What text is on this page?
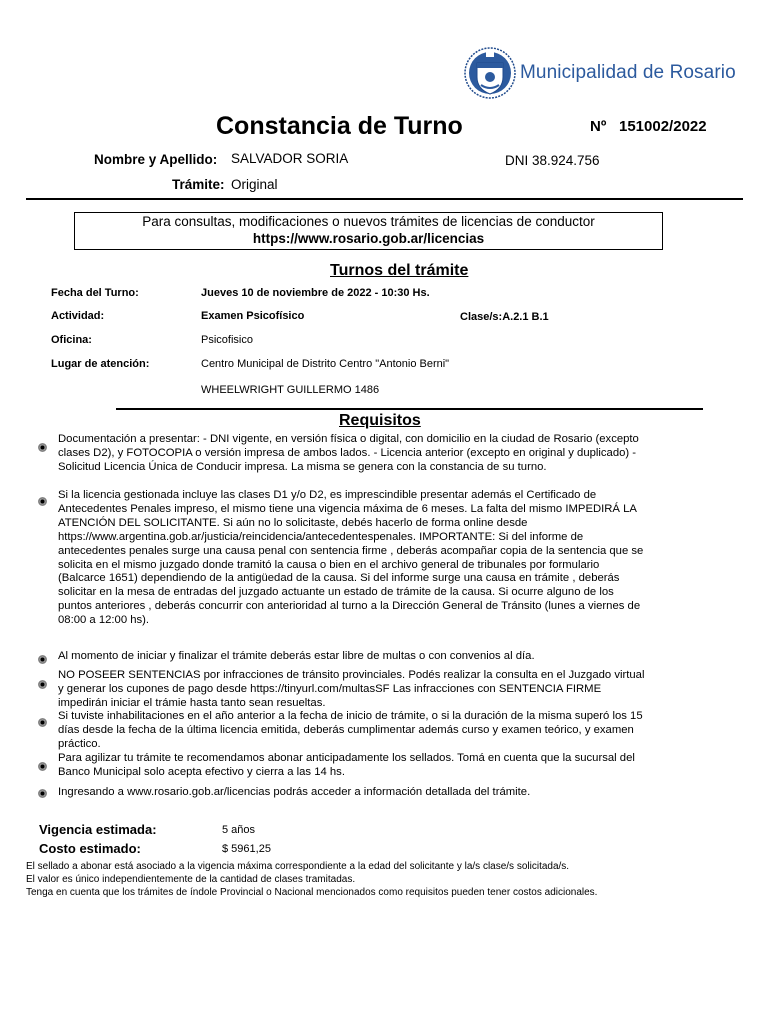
Municipalidad de Rosario
Constancia de Turno	Nº 151002/2022
Nombre y Apellido: SALVADOR SORIA	DNI 38.924.756
Trámite: Original
Para consultas, modificaciones o nuevos trámites de licencias de conductor
https://www.rosario.gob.ar/licencias
Turnos del trámite
Fecha del Turno:	Jueves 10 de noviembre de 2022 - 10:30 Hs.
Actividad:	Examen Psicofísico	Clase/s:A.2.1 B.1
Oficina:	Psicofisico
Lugar de atención:	Centro Municipal de Distrito Centro "Antonio Berni"
WHEELWRIGHT GUILLERMO 1486
Requisitos
Documentación a presentar: - DNI vigente, en versión física o digital, con domicilio en la ciudad de Rosario (excepto clases D2), y FOTOCOPIA o versión impresa de ambos lados. - Licencia anterior (excepto en original y duplicado) - Solicitud Licencia Única de Conducir impresa. La misma se genera con la constancia de su turno.
Si la licencia gestionada incluye las clases D1 y/o D2, es imprescindible presentar además el Certificado de Antecedentes Penales impreso, el mismo tiene una vigencia máxima de 6 meses. La falta del mismo IMPEDIRÁ LA ATENCIÓN DEL SOLICITANTE. Si aún no lo solicitaste, debés hacerlo de forma online desde https://www.argentina.gob.ar/justicia/reincidencia/antecedentespenales. IMPORTANTE: Si del informe de antecedentes penales surge una causa penal con sentencia firme , deberás acompañar copia de la sentencia que se solicita en el mismo juzgado donde tramitó la causa o bien en el archivo general de tribunales por formulario (Balcarce 1651) dependiendo de la antigüedad de la causa. Si del informe surge una causa en trámite , deberás solicitar en la mesa de entradas del juzgado actuante un estado de trámite de la causa. Si ocurre alguno de los puntos anteriores , deberás concurrir con anterioridad al turno a la Dirección General de Tránsito (lunes a viernes de 08:00 a 12:00 hs).
Al momento de iniciar y finalizar el trámite deberás estar libre de multas o con convenios al día.
NO POSEER SENTENCIAS por infracciones de tránsito provinciales. Podés realizar la consulta en el Juzgado virtual y generar los cupones de pago desde https://tinyurl.com/multasSF Las infracciones con SENTENCIA FIRME impedirán iniciar el trámie hasta tanto sean resueltas.
Si tuviste inhabilitaciones en el año anterior a la fecha de inicio de trámite, o si la duración de la misma superó los 15 días desde la fecha de la última licencia emitida, deberás cumplimentar además curso y examen teórico, y examen práctico.
Para agilizar tu trámite te recomendamos abonar anticipadamente los sellados. Tomá en cuenta que la sucursal del Banco Municipal solo acepta efectivo y cierra a las 14 hs.
Ingresando a www.rosario.gob.ar/licencias podrás acceder a información detallada del trámite.
Vigencia estimada:	5 años
Costo estimado:	$ 5961,25
El sellado a abonar está asociado a la vigencia máxima correspondiente a la edad del solicitante y la/s clase/s solicitada/s.
El valor es único independientemente de la cantidad de clases tramitadas.
Tenga en cuenta que los trámites de índole Provincial o Nacional mencionados como requisitos pueden tener costos adicionales.
